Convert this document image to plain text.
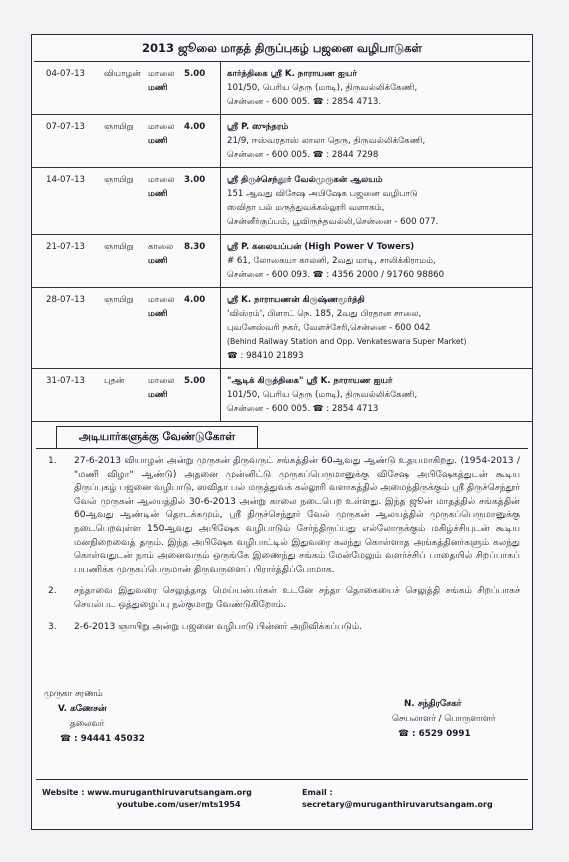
2013 ஜூலை மாதத் திருப்புகழ் பஜனை வழிபாடுகள்
04-07-13	வியாழன்	மாலை 5.00 மணி	கார்த்திகை ஸ்ரீ K. நாராயண ஐயர்
101/50, பெரிய தெரு (மாடி), திருவல்லிக்கேணி,
சென்னை - 600 005. ☎ : 2854 4713.

07-07-13	ஞாயிறு	மாலை 4.00 மணி	ஸ்ரீ P. ஸுந்தரம்
21/9, ஈஸ்வரதாஸ் லாலா தெரு, திருவல்லிக்கேணி,
சென்னை - 600 005. ☎ : 2844 7298

14-07-13	ஞாயிறு	மாலை 3.00 மணி	ஸ்ரீ திருச்செந்தூர் வேல்முருகன் ஆலயம்
151 ஆவது விசேஷ அபிஷேக பஜனை வழிபாடு
ஸவிதா பல் மருத்துவக்கல்லூரி வளாகம்,
சென்னீர்குப்பம், பூவிருந்தவல்லி,சென்னை - 600 077.

21-07-13	ஞாயிறு	காலை 8.30 மணி	ஸ்ரீ P. கலையப்பன் (High Power V Towers)
# 61, லோகையா காலனி, 2வது மாடி, சாலிக்கிராமம்,
சென்னை - 600 093. ☎ : 4356 2000 / 91760 98860

28-07-13	ஞாயிறு	மாலை 4.00 மணி	ஸ்ரீ K. நாராயணன் கிருஷ்ணமூர்த்தி
'விஸ்ரம்', பிளாட் நெ. 185, 2வது பிரதான சாலை,
புவனேஸ்வரி நகர், வேளச்சேரி,சென்னை - 600 042
(Behind Railway Station and Opp. Venkateswara Super Market)
☎ : 98410 21893

31-07-13	புதன்	மாலை 5.00 மணி	"ஆடிக் கிருத்திகை" ஸ்ரீ K. நாராயண ஐயர்
101/50, பெரிய தெரு (மாடி), திருவல்லிக்கேணி,
சென்னை - 600 005. ☎ : 2854 4713
அடியார்களுக்கு வேண்டுகோள்
1.	27-6-2013 வியாழன் அன்று முருகன் திருவருட் சங்கத்தின் 60ஆவது ஆண்டு உதயமாகிறது. (1954-2013 / "மணி விழா" ஆண்டு) அதனை முன்னிட்டு முருகப்பெருமானுக்கு விசேஷ அபிஷேகத்துடன் கூடிய திருப்புகழ் பஜனை வழிபாடு, ஸவிதா பல் மருத்துவக் கல்லூரி வளாகத்தில் அமைந்திருக்கும் ஸ்ரீ திருச்செந்தூர் வேல் முருகன் ஆலயத்தில் 30-6-2013 அன்று காலை நடைபெற உள்ளது. இந்த ஜூன் மாதத்தில் சங்கத்தின் 60ஆவது ஆண்டின் தொடக்கமும், ஸ்ரீ திருச்செந்தூர் வேல் முருகன் ஆலயத்தில் முருகப்பெருமானுக்கு நடைபெறவுள்ள 150ஆவது அபிஷேக வழிபாடும் சேர்ந்திருப்பது எல்லோருக்கும் மகிழ்ச்சியுடன் கூடிய மனநிறைவைத் தரும். இந்த அபிஷேக வழிபாட்டில் இதுவரை கலந்து கொள்ளாத அங்கத்தினர்களும் கலந்து கொள்வதுடன் நாம் அனைவரும் ஒருங்கே இணைந்து சங்கம் மேன்மேலும் வளர்ச்சிப் பாதையில் சிறப்பாகப் பயணிக்க முருகப்பெருமான் திருவருளைப் பிரார்த்திப்போமாக.
2.	சந்தாவை இதுவரை செலுத்தாத மெய்யன்பர்கள் உடனே சந்தா தொகையைச் செலுத்தி சங்கம் சிறப்பாகச் செயல்பட ஒத்துழைப்பு நல்குமாறு வேண்டுகிறோம்.
3.	2-6-2013 ஞாயிறு அன்று பஜனை வழிபாடு பின்னர் அறிவிக்கப்படும்.
முருகா சரணம்
V. கணேசன்
தலைவர்
☎ : 94441 45032
N. சந்திரசேகர்
செயலாளர் / பொருளாளர்
☎ : 6529 0991
Website : www.muruganthiruvarutsangam.org	Email : secretary@muruganthiruvarutsangam.org
youtube.com/user/mts1954
